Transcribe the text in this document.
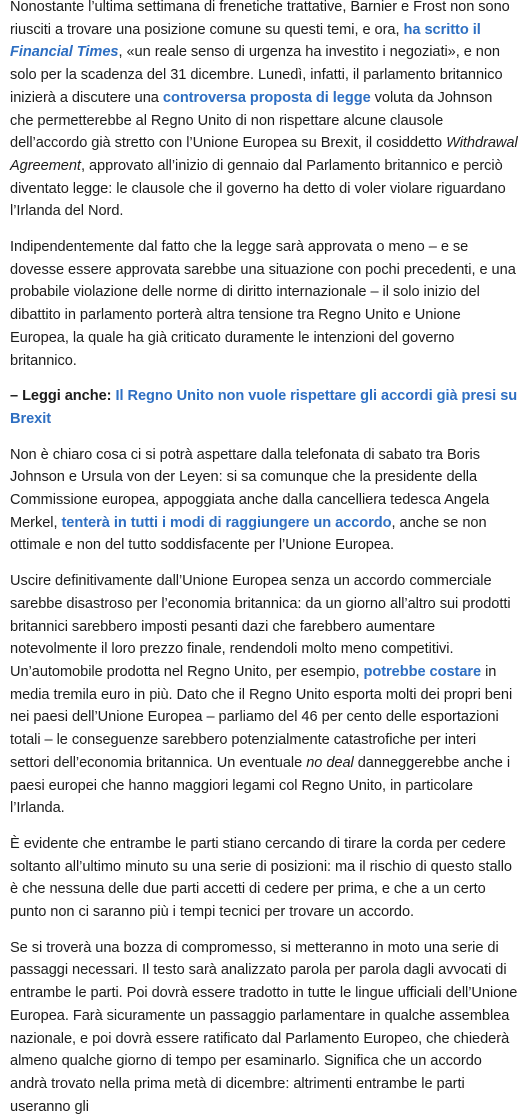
Nonostante l’ultima settimana di frenetiche trattative, Barnier e Frost non sono riusciti a trovare una posizione comune su questi temi, e ora, ha scritto il Financial Times, «un reale senso di urgenza ha investito i negoziati», e non solo per la scadenza del 31 dicembre. Lunedì, infatti, il parlamento britannico inizierà a discutere una controversa proposta di legge voluta da Johnson che permetterebbe al Regno Unito di non rispettare alcune clausole dell’accordo già stretto con l’Unione Europea su Brexit, il cosiddetto Withdrawal Agreement, approvato all’inizio di gennaio dal Parlamento britannico e perciò diventato legge: le clausole che il governo ha detto di voler violare riguardano l’Irlanda del Nord.

Indipendentemente dal fatto che la legge sarà approvata o meno – e se dovesse essere approvata sarebbe una situazione con pochi precedenti, e una probabile violazione delle norme di diritto internazionale – il solo inizio del dibattito in parlamento porterà altra tensione tra Regno Unito e Unione Europea, la quale ha già criticato duramente le intenzioni del governo britannico.

– Leggi anche: Il Regno Unito non vuole rispettare gli accordi già presi su Brexit

Non è chiaro cosa ci si potrà aspettare dalla telefonata di sabato tra Boris Johnson e Ursula von der Leyen: si sa comunque che la presidente della Commissione europea, appoggiata anche dalla cancelliera tedesca Angela Merkel, tenterà in tutti i modi di raggiungere un accordo, anche se non ottimale e non del tutto soddisfacente per l’Unione Europea.

Uscire definitivamente dall’Unione Europea senza un accordo commerciale sarebbe disastroso per l’economia britannica: da un giorno all’altro sui prodotti britannici sarebbero imposti pesanti dazi che farebbero aumentare notevolmente il loro prezzo finale, rendendoli molto meno competitivi. Un’automobile prodotta nel Regno Unito, per esempio, potrebbe costare in media tremila euro in più. Dato che il Regno Unito esporta molti dei propri beni nei paesi dell’Unione Europea – parliamo del 46 per cento delle esportazioni totali – le conseguenze sarebbero potenzialmente catastrofiche per interi settori dell’economia britannica. Un eventuale no deal danneggerebbe anche i paesi europei che hanno maggiori legami col Regno Unito, in particolare l’Irlanda.

È evidente che entrambe le parti stiano cercando di tirare la corda per cedere soltanto all’ultimo minuto su una serie di posizioni: ma il rischio di questo stallo è che nessuna delle due parti accetti di cedere per prima, e che a un certo punto non ci saranno più i tempi tecnici per trovare un accordo.

Se si troverà una bozza di compromesso, si metteranno in moto una serie di passaggi necessari. Il testo sarà analizzato parola per parola dagli avvocati di entrambe le parti. Poi dovrà essere tradotto in tutte le lingue ufficiali dell’Unione Europea. Farà sicuramente un passaggio parlamentare in qualche assemblea nazionale, e poi dovrà essere ratificato dal Parlamento Europeo, che chiederà almeno qualche giorno di tempo per esaminarlo. Significa che un accordo andrà trovato nella prima metà di dicembre: altrimenti entrambe le parti useranno gli
